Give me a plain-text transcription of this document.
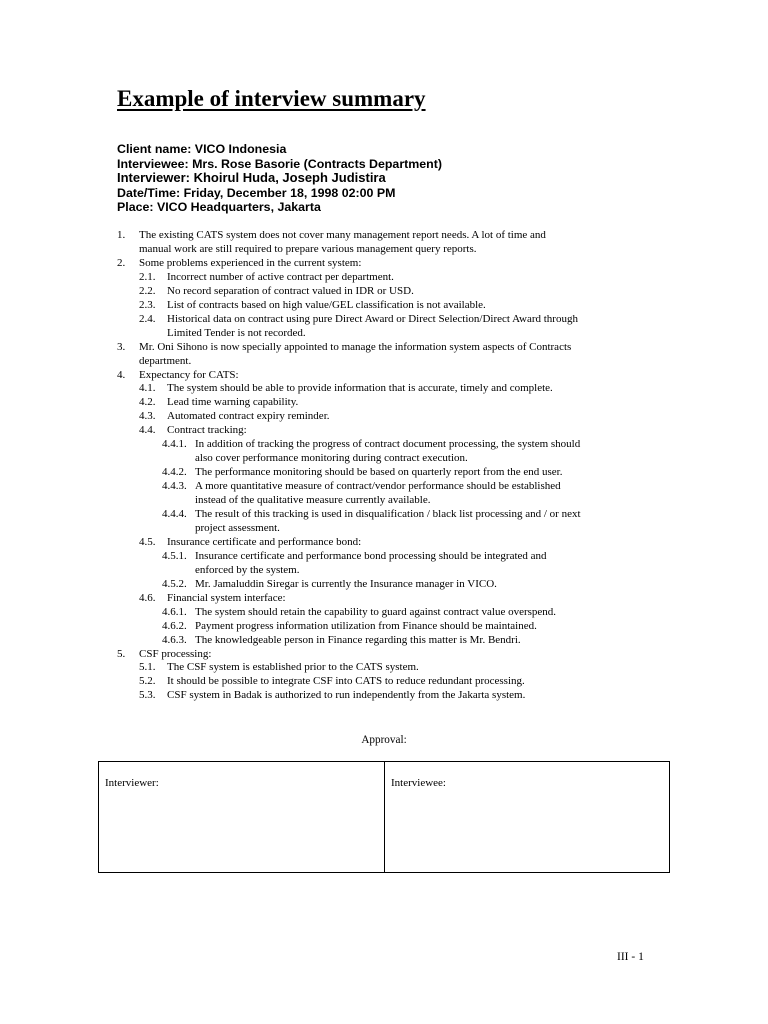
Example of interview summary
Client name: VICO Indonesia
Interviewee: Mrs. Rose Basorie (Contracts Department)
Interviewer: Khoirul Huda, Joseph Judistira
Date/Time: Friday, December 18, 1998 02:00 PM
Place: VICO Headquarters, Jakarta
1. The existing CATS system does not cover many management report needs. A lot of time and
manual work are still required to prepare various management query reports.
2. Some problems experienced in the current system:
2.1. Incorrect number of active contract per department.
2.2. No record separation of contract valued in IDR or USD.
2.3. List of contracts based on high value/GEL classification is not available.
2.4. Historical data on contract using pure Direct Award or Direct Selection/Direct Award through
Limited Tender is not recorded.
3. Mr. Oni Sihono is now specially appointed to manage the information system aspects of Contracts
department.
4. Expectancy for CATS:
4.1. The system should be able to provide information that is accurate, timely and complete.
4.2. Lead time warning capability.
4.3. Automated contract expiry reminder.
4.4. Contract tracking:
4.4.1. In addition of tracking the progress of contract document processing, the system should
also cover performance monitoring during contract execution.
4.4.2. The performance monitoring should be based on quarterly report from the end user.
4.4.3. A more quantitative measure of contract/vendor performance should be established
instead of the qualitative measure currently available.
4.4.4. The result of this tracking is used in disqualification / black list processing and / or next
project assessment.
4.5. Insurance certificate and performance bond:
4.5.1. Insurance certificate and performance bond processing should be integrated and
enforced by the system.
4.5.2. Mr. Jamaluddin Siregar is currently the Insurance manager in VICO.
4.6. Financial system interface:
4.6.1. The system should retain the capability to guard against contract value overspend.
4.6.2. Payment progress information utilization from Finance should be maintained.
4.6.3. The knowledgeable person in Finance regarding this matter is Mr. Bendri.
5. CSF processing:
5.1. The CSF system is established prior to the CATS system.
5.2. It should be possible to integrate CSF into CATS to reduce redundant processing.
5.3. CSF system in Badak is authorized to run independently from the Jakarta system.
Approval:
Interviewer:	Interviewee:
III - 1
